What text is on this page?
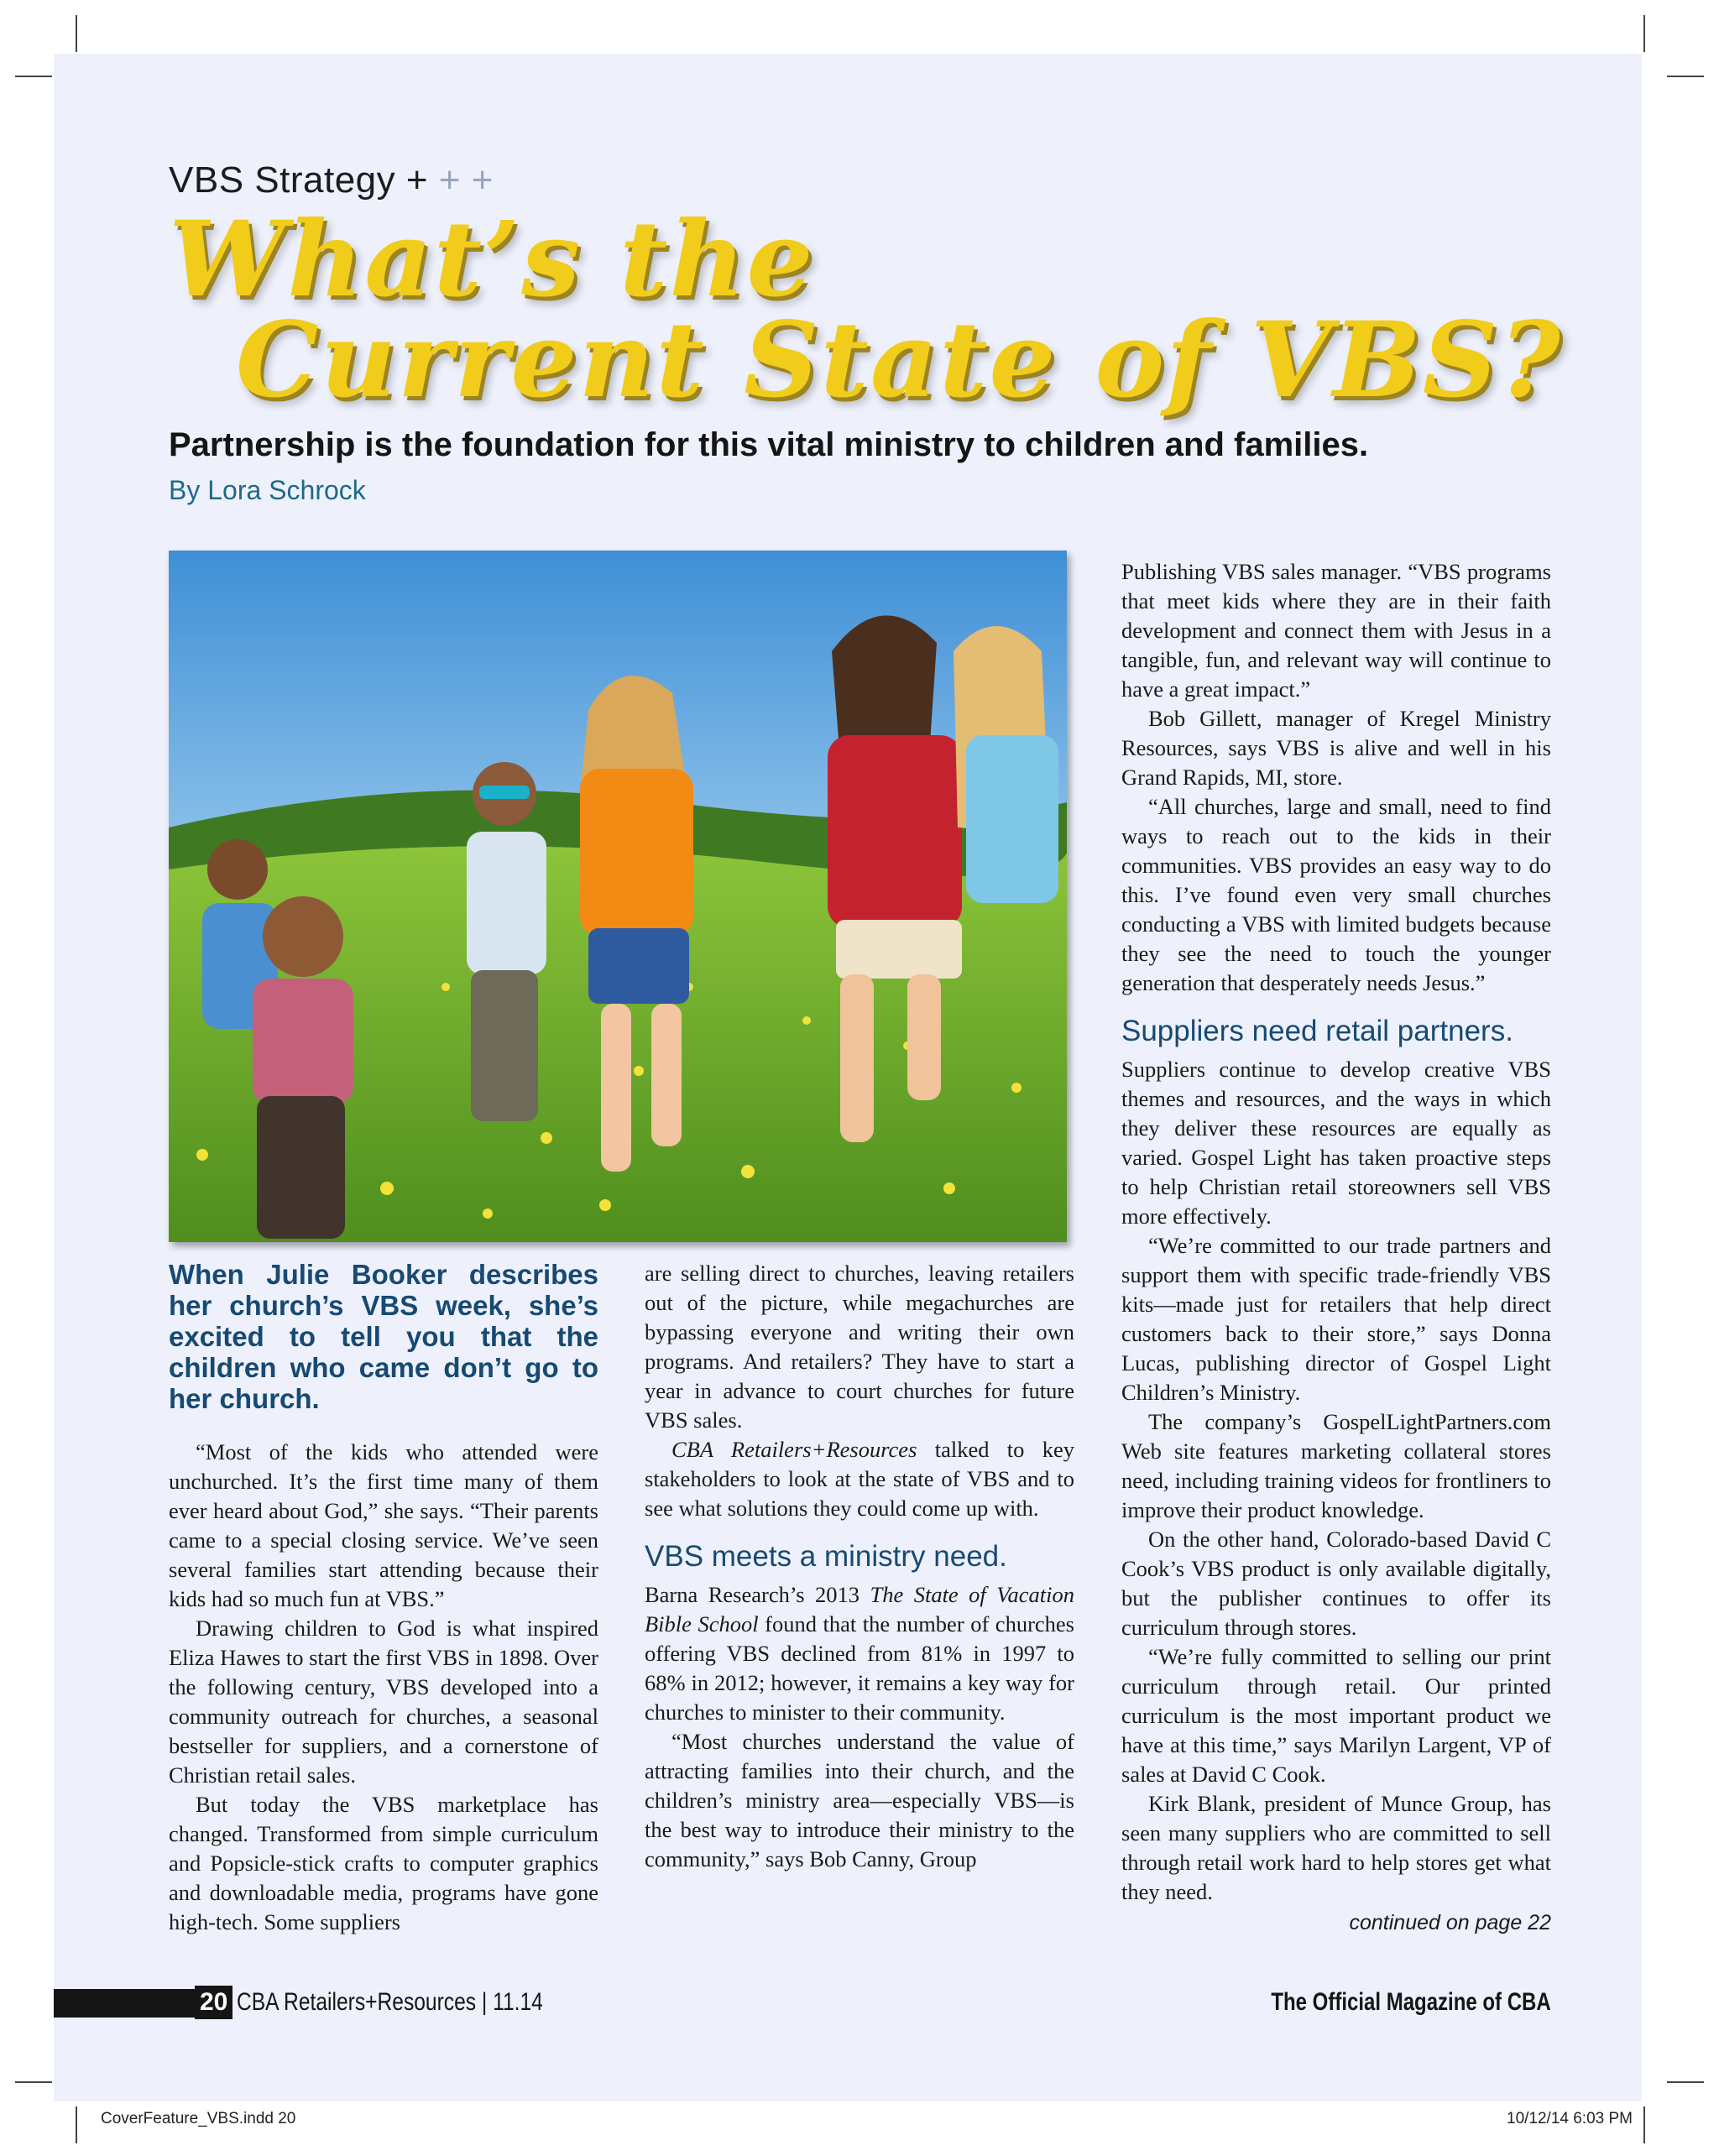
VBS Strategy + + +
What’s the
Current State of VBS?
Partnership is the foundation for this vital ministry to children and families.
By Lora Schrock
When Julie Booker describes her church’s VBS week, she’s excited to tell you that the children who came don’t go to her church.

“Most of the kids who attended were unchurched. It’s the first time many of them ever heard about God,” she says. “Their parents came to a special closing service. We’ve seen several families start attending because their kids had so much fun at VBS.”

Drawing children to God is what inspired Eliza Hawes to start the first VBS in 1898. Over the following century, VBS developed into a community outreach for churches, a seasonal bestseller for suppliers, and a cornerstone of Christian retail sales.

But today the VBS marketplace has changed. Transformed from simple curriculum and Popsicle-stick crafts to computer graphics and downloadable media, programs have gone high-tech. Some suppliers

are selling direct to churches, leaving retailers out of the picture, while megachurches are bypassing everyone and writing their own programs. And retailers? They have to start a year in advance to court churches for future VBS sales.

CBA Retailers+Resources talked to key stakeholders to look at the state of VBS and to see what solutions they could come up with.

VBS meets a ministry need.

Barna Research’s 2013 The State of Vacation Bible School found that the number of churches offering VBS declined from 81% in 1997 to 68% in 2012; however, it remains a key way for churches to minister to their community.

“Most churches understand the value of attracting families into their church, and the children’s ministry area—especially VBS—is the best way to introduce their ministry to the community,” says Bob Canny, Group

Publishing VBS sales manager. “VBS programs that meet kids where they are in their faith development and connect them with Jesus in a tangible, fun, and relevant way will continue to have a great impact.”

Bob Gillett, manager of Kregel Ministry Resources, says VBS is alive and well in his Grand Rapids, MI, store.

“All churches, large and small, need to find ways to reach out to the kids in their communities. VBS provides an easy way to do this. I’ve found even very small churches conducting a VBS with limited budgets because they see the need to touch the younger generation that desperately needs Jesus.”

Suppliers need retail partners.

Suppliers continue to develop creative VBS themes and resources, and the ways in which they deliver these resources are equally as varied. Gospel Light has taken proactive steps to help Christian retail storeowners sell VBS more effectively.

“We’re committed to our trade partners and support them with specific trade-friendly VBS kits—made just for retailers that help direct customers back to their store,” says Donna Lucas, publishing director of Gospel Light Children’s Ministry.

The company’s GospelLightPartners.com Web site features marketing collateral stores need, including training videos for frontliners to improve their product knowledge.

On the other hand, Colorado-based David C Cook’s VBS product is only available digitally, but the publisher continues to offer its curriculum through stores.

“We’re fully committed to selling our print curriculum through retail. Our printed curriculum is the most important product we have at this time,” says Marilyn Largent, VP of sales at David C Cook.

Kirk Blank, president of Munce Group, has seen many suppliers who are committed to sell through retail work hard to help stores get what they need.

continued on page 22
20 CBA Retailers+Resources | 11.14	The Official Magazine of CBA
CoverFeature_VBS.indd 20	10/12/14 6:03 PM
